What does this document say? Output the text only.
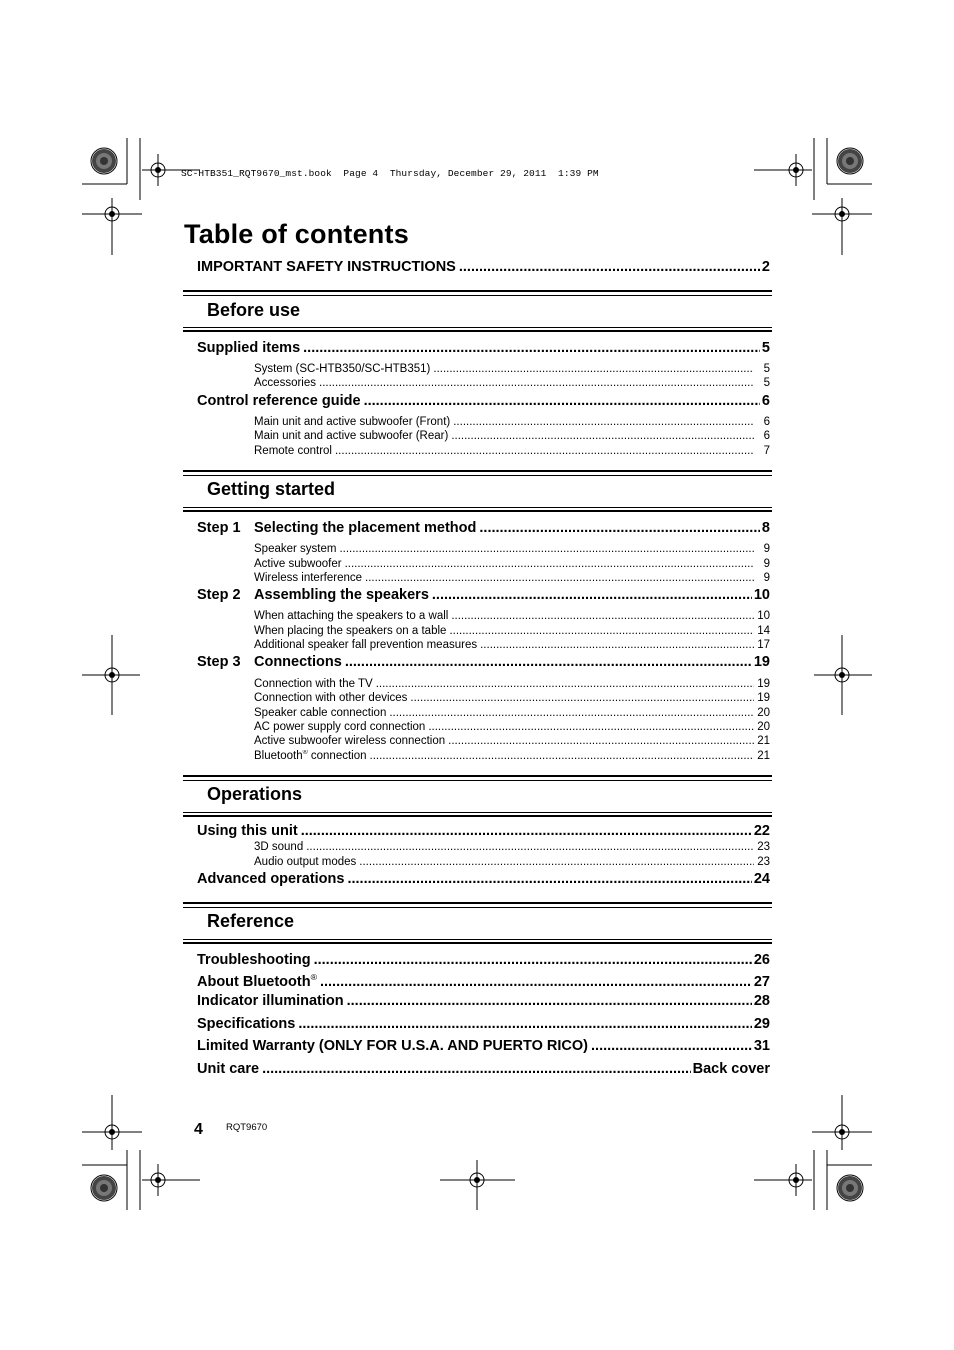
SC-HTB351_RQT9670_mst.book  Page 4  Thursday, December 29, 2011  1:39 PM
Table of contents
IMPORTANT SAFETY INSTRUCTIONS .....	2
Before use
Supplied items .....	5
System (SC-HTB350/SC-HTB351) .....	5
Accessories .....	5
Control reference guide .....	6
Main unit and active subwoofer (Front) .....	6
Main unit and active subwoofer (Rear) .....	6
Remote control .....	7
Getting started
Step 1 Selecting the placement method .....	8
Speaker system .....	9
Active subwoofer .....	9
Wireless interference .....	9
Step 2 Assembling the speakers .....	10
When attaching the speakers to a wall .....	10
When placing the speakers on a table .....	14
Additional speaker fall prevention measures .....	17
Step 3 Connections .....	19
Connection with the TV .....	19
Connection with other devices .....	19
Speaker cable connection .....	20
AC power supply cord connection .....	20
Active subwoofer wireless connection .....	21
Bluetooth® connection .....	21
Operations
Using this unit .....	22
3D sound .....	23
Audio output modes .....	23
Advanced operations .....	24
Reference
Troubleshooting .....	26
About Bluetooth® .....	27
Indicator illumination .....	28
Specifications .....	29
Limited Warranty (ONLY FOR U.S.A. AND PUERTO RICO) .....	31
Unit care .....	Back cover
4 RQT9670
